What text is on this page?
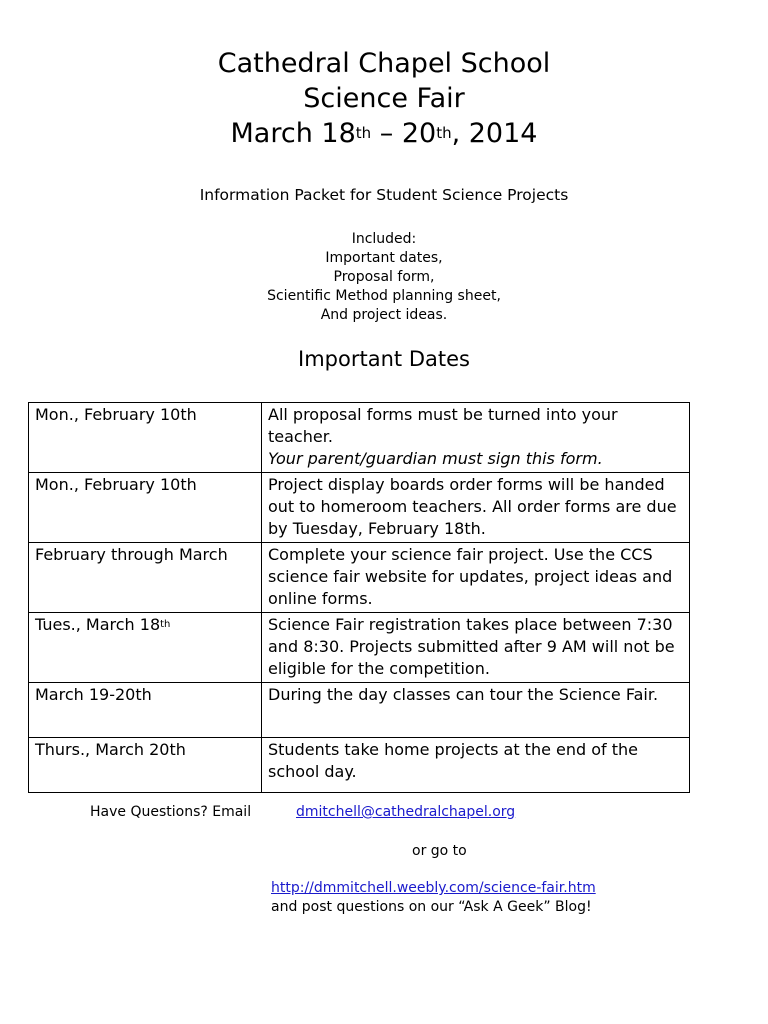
Cathedral Chapel School
Science Fair
March 18th – 20th, 2014
Information Packet for Student Science Projects
Included:
Important dates,
Proposal form,
Scientific Method planning sheet,
And project ideas.
Important Dates
Mon., February 10th	All proposal forms must be turned into your teacher.
Your parent/guardian must sign this form.
Mon., February 10th	Project display boards order forms will be handed out to homeroom teachers. All order forms are due by Tuesday, February 18th.
February through March	Complete your science fair project. Use the CCS science fair website for updates, project ideas and online forms.
Tues., March 18th	Science Fair registration takes place between 7:30 and 8:30. Projects submitted after 9 AM will not be eligible for the competition.
March 19-20th	During the day classes can tour the Science Fair.
Thurs., March 20th	Students take home projects at the end of the school day.
Have Questions? Email	dmitchell@cathedralchapel.org
or go to
http://dmmitchell.weebly.com/science-fair.htm
and post questions on our “Ask A Geek” Blog!
